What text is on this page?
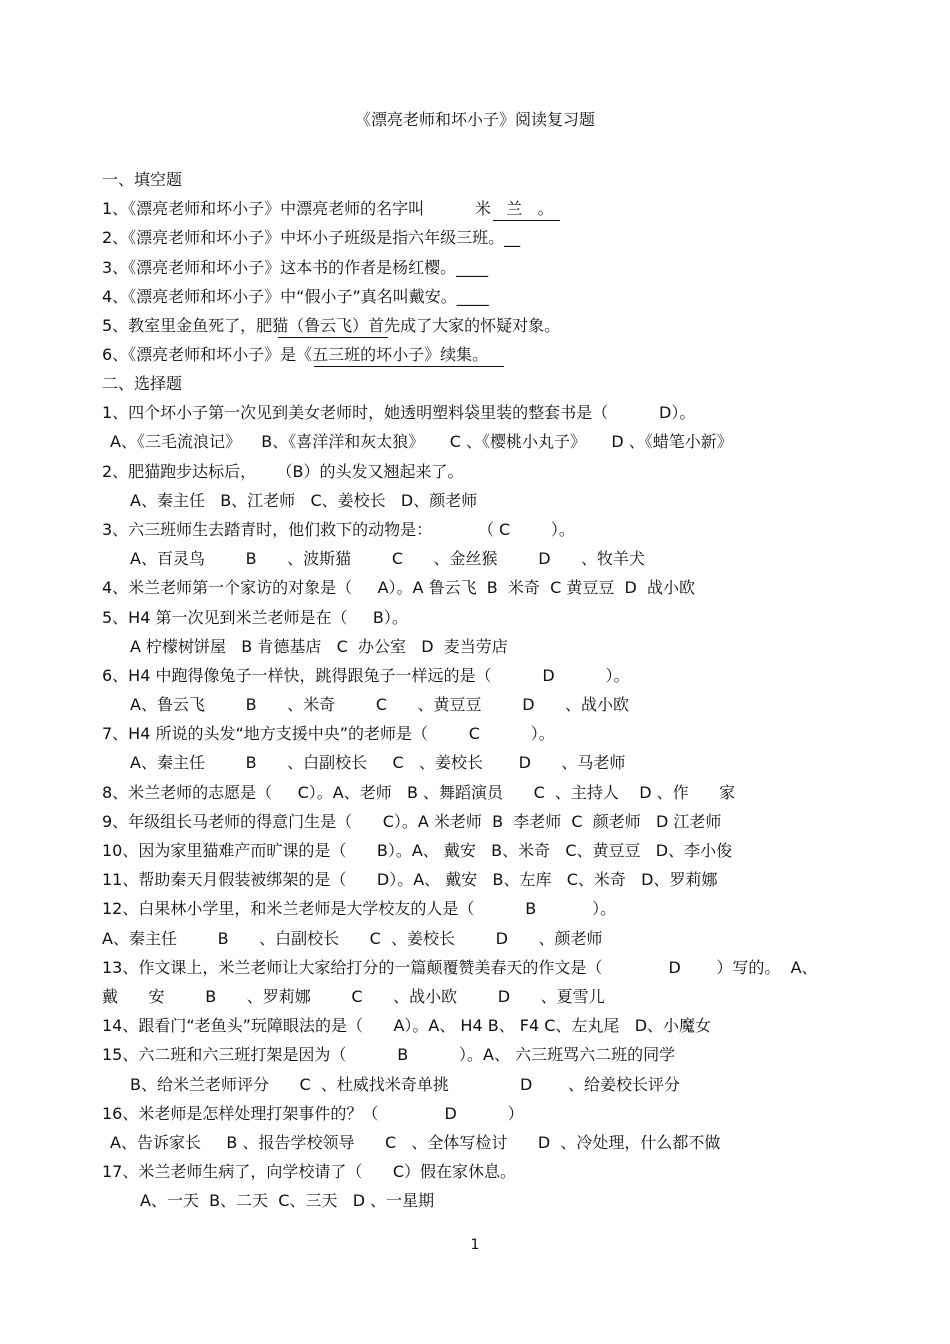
《漂亮老师和坏小子》阅读复习题
一、填空题
1、《漂亮老师和坏小子》中漂亮老师的名字叫          米   兰   。
2、《漂亮老师和坏小子》中坏小子班级是指六年级三班。__
3、《漂亮老师和坏小子》这本书的作者是杨红樱。____
4、《漂亮老师和坏小子》中“假小子”真名叫戴安。____
5、教室里金鱼死了，肥猫（鲁云飞）首先成了大家的怀疑对象。
6、《漂亮老师和坏小子》是《五三班的坏小子》续集。
二、选择题
1、四个坏小子第一次见到美女老师时，她透明塑料袋里装的整套书是（          D）。
A、《三毛流浪记》    B、《喜洋洋和灰太狼》     C 、《樱桃小丸子》     D 、《蜡笔小新》
2、肥猫跑步达标后，    （B）的头发又翘起来了。
A、秦主任   B、江老师   C、姜校长   D、颜老师
3、六三班师生去踏青时，他们救下的动物是：         （ C        ）。
A、百灵鸟        B      、波斯猫        C      、金丝猴        D      、牧羊犬
4、米兰老师第一个家访的对象是（     A）。A 鲁云飞  B  米奇  C 黄豆豆  D  战小欧
5、H4 第一次见到米兰老师是在（     B）。
A 柠檬树饼屋   B 肯德基店   C  办公室   D  麦当劳店
6、H4 中跑得像兔子一样快，跳得跟兔子一样远的是（          D          ）。
A、鲁云飞        B      、米奇        C      、黄豆豆        D      、战小欧
7、H4 所说的头发“地方支援中央”的老师是（        C          ）。
A、秦主任        B      、白副校长     C   、姜校长       D      、马老师
8、米兰老师的志愿是（     C）。A、老师   B 、舞蹈演员      C  、主持人    D 、作      家
9、年级组长马老师的得意门生是（      C）。A 米老师  B  李老师  C  颜老师   D 江老师
10、因为家里猫难产而旷课的是（      B）。A、 戴安   B、米奇   C、黄豆豆   D、李小俊
11、帮助秦天月假装被绑架的是（      D）。A、 戴安   B、左库   C、米奇   D、罗莉娜
12、白果林小学里，和米兰老师是大学校友的人是（          B           ）。
A、秦主任        B      、白副校长      C  、姜校长        D      、颜老师
13、作文课上，米兰老师让大家给打分的一篇颠覆赞美春天的作文是（             D       ）写的。  A、
戴      安        B      、罗莉娜        C      、战小欧        D      、夏雪儿
14、跟看门“老鱼头”玩障眼法的是（      A）。A、 H4 B、 F4 C、左丸尾   D、小魔女
15、六二班和六三班打架是因为（          B          ）。A、 六三班骂六二班的同学
B、给米兰老师评分      C  、杜威找米奇单挑              D       、给姜校长评分
16、米老师是怎样处理打架事件的？（             D          ）
A、告诉家长     B 、报告学校领导      C   、全体写检讨      D  、冷处理，什么都不做
17、米兰老师生病了，向学校请了（      C）假在家休息。
A、一天  B、二天  C、三天   D 、一星期
1
